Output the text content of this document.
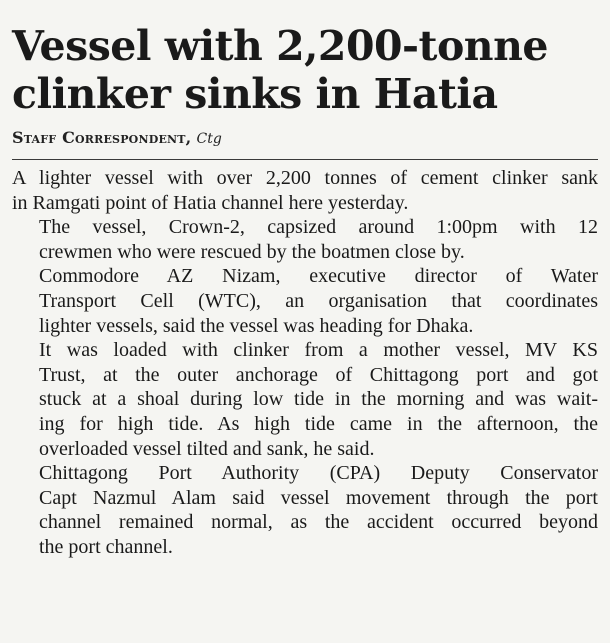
Vessel with 2,200-tonne
clinker sinks in Hatia
Staff Correspondent, Ctg

A lighter vessel with over 2,200 tonnes of cement clinker sank
in Ramgati point of Hatia channel here yesterday.

The vessel, Crown-2, capsized around 1:00pm with 12
crewmen who were rescued by the boatmen close by.

Commodore AZ Nizam, executive director of Water
Transport Cell (WTC), an organisation that coordinates
lighter vessels, said the vessel was heading for Dhaka.

It was loaded with clinker from a mother vessel, MV KS
Trust, at the outer anchorage of Chittagong port and got
stuck at a shoal during low tide in the morning and was wait-
ing for high tide. As high tide came in the afternoon, the
overloaded vessel tilted and sank, he said.

Chittagong Port Authority (CPA) Deputy Conservator
Capt Nazmul Alam said vessel movement through the port
channel remained normal, as the accident occurred beyond
the port channel.
